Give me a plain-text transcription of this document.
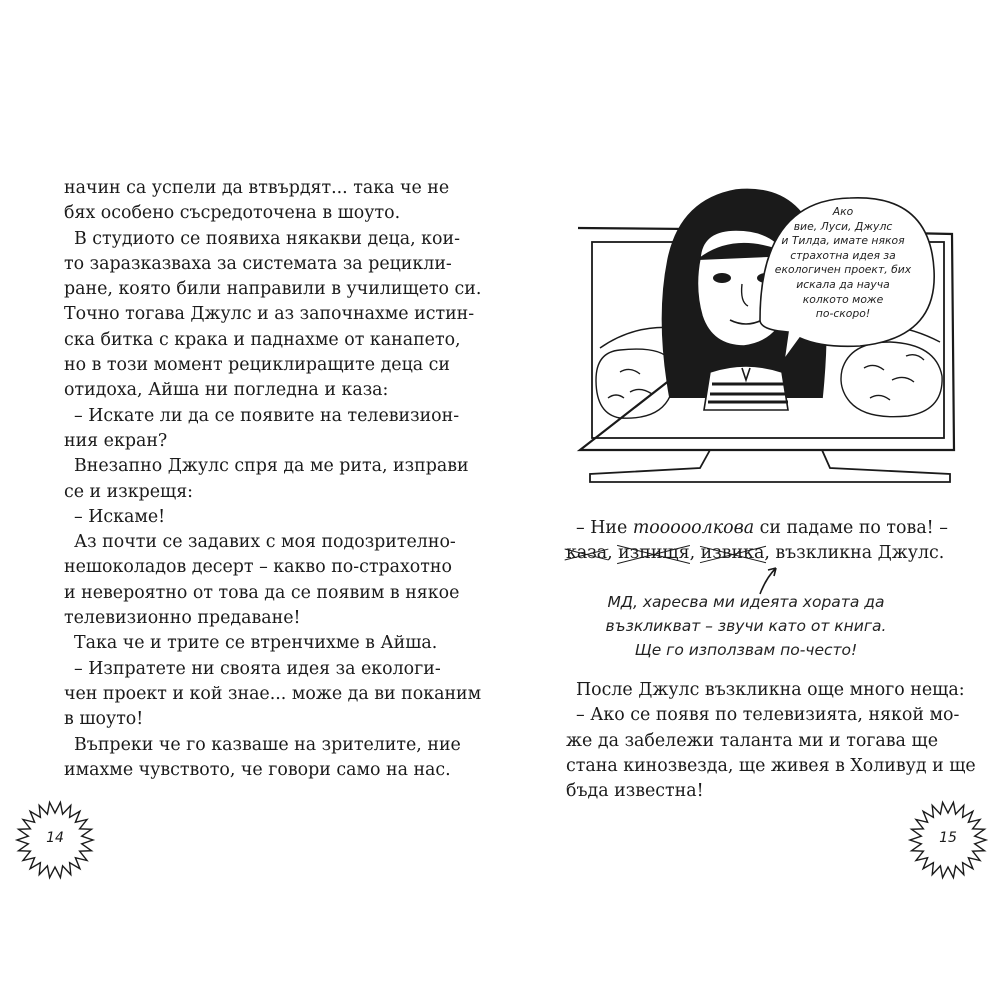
начин са успели да втвърдят... така че не
бях особено съсредоточена в шоуто.
В студиото се появиха някакви деца, кои-
то заразказваха за системата за рецикли-
ране, която били направили в училището си.
Точно тогава Джулс и аз започнахме истин-
ска битка с крака и паднахме от канапето,
но в този момент рециклиращите деца си
отидоха, Айша ни погледна и каза:
– Искате ли да се появите на телевизион-
ния екран?
Внезапно Джулс спря да ме рита, изправи
се и изкрещя:
– Искаме!
Аз почти се задавих с моя подозрително-
нешоколадов десерт – какво по-страхотно
и невероятно от това да се появим в някое
телевизионно предаване!
Така че и трите се втренчихме в Айша.
– Изпратете ни своята идея за екологи-
чен проект и кой знае... може да ви поканим
в шоуто!
Въпреки че го казваше на зрителите, ние
имахме чувството, че говори само на нас.
14
Ако
вие, Луси, Джулс
и Тилда, имате някоя
страхотна идея за
екологичен проект, бих
искала да науча
колкото може
по-скоро!
– Ние тооооолкова си падаме по това! –
каза, изпищя, извика, възкликна Джулс.
МД, харесва ми идеята хората да
възкликват – звучи като от книга.
Ще го използвам по-често!
После Джулс възкликна още много неща:
– Ако се появя по телевизията, някой мо-
же да забележи таланта ми и тогава ще
стана кинозвезда, ще живея в Холивуд и ще
бъда известна!
15
